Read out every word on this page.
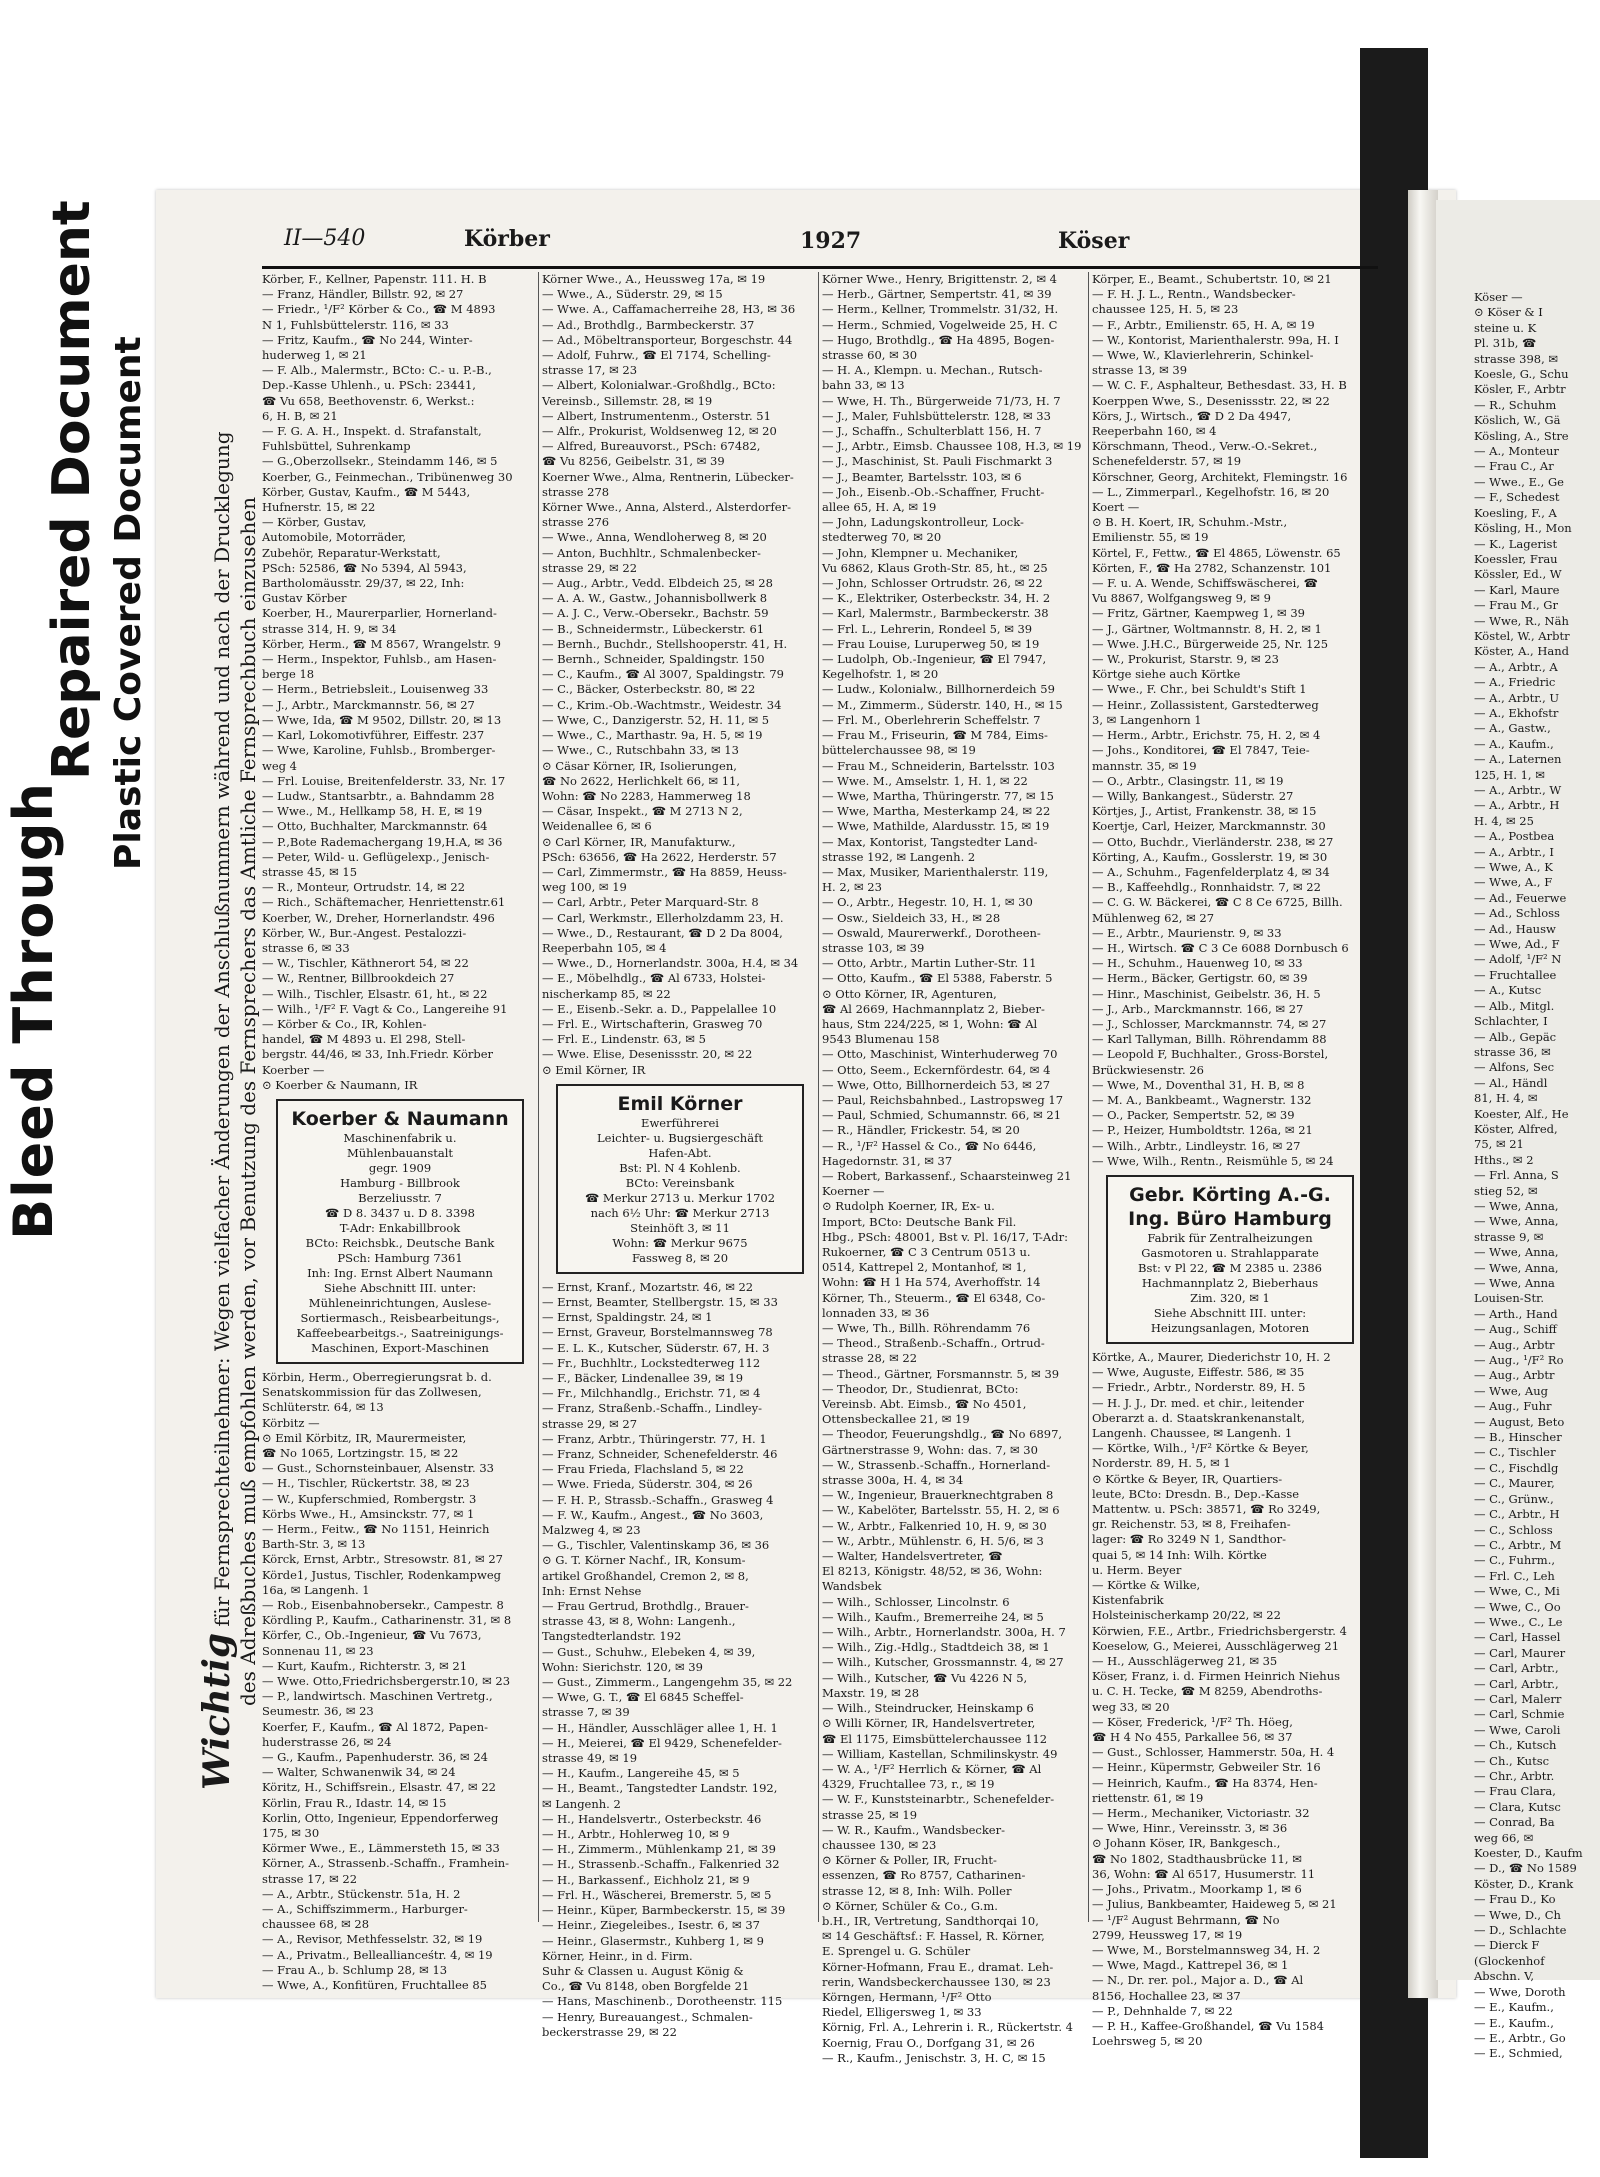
Bleed Through
Repaired Document Plastic Covered Document
II—540	Körber	1927	Köser
Wichtig für Fernsprechteilnehmer: Wegen vielfacher Änderungen der Anschlußnummern während und nach der Drucklegung des Adreßbuches muß empfohlen werden, vor Benutzung des Fernsprechers das Amtliche Fernsprechbuch einzusehen
Körber, F., Kellner, Papenstr. 111. H. B
— Franz, Händler, Billstr. 92, ✉ 27
— Friedr., ¹/F² Körber & Co., ☎ M 4893
N 1, Fuhlsbüttelerstr. 116, ✉ 33
— Fritz, Kaufm., ☎ No 244, Winter-
huderweg 1, ✉ 21
— F. Alb., Malermstr., BCto: C.- u. P.-B.,
Dep.-Kasse Uhlenh., u. PSch: 23441,
☎ Vu 658, Beethovenstr. 6, Werkst.:
6, H. B, ✉ 21
— F. G. A. H., Inspekt. d. Strafanstalt,
Fuhlsbüttel, Suhrenkamp
— G.,Oberzollsekr., Steindamm 146, ✉ 5
Koerber, G., Feinmechan., Tribünenweg 30
Körber, Gustav, Kaufm., ☎ M 5443,
Hufnerstr. 15, ✉ 22
— Körber, Gustav,
Automobile, Motorräder,
Zubehör, Reparatur-Werkstatt,
PSch: 52586, ☎ No 5394, Al 5943,
Bartholomäusstr. 29/37, ✉ 22, Inh:
Gustav Körber
Koerber, H., Maurerparlier, Hornerland-
strasse 314, H. 9, ✉ 34
Körber, Herm., ☎ M 8567, Wrangelstr. 9
— Herm., Inspektor, Fuhlsb., am Hasen-
berge 18
— Herm., Betriebsleit., Louisenweg 33
— J., Arbtr., Marckmannstr. 56, ✉ 27
— Wwe, Ida, ☎ M 9502, Dillstr. 20, ✉ 13
— Karl, Lokomotivführer, Eiffestr. 237
— Wwe, Karoline, Fuhlsb., Bromberger-
weg 4
— Frl. Louise, Breitenfelderstr. 33, Nr. 17
— Ludw., Stantsarbtr., a. Bahndamm 28
— Wwe., M., Hellkamp 58, H. E, ✉ 19
— Otto, Buchhalter, Marckmannstr. 64
— P.,Bote Rademachergang 19,H.A, ✉ 36
— Peter, Wild- u. Geflügelexp., Jenisch-
strasse 45, ✉ 15
— R., Monteur, Ortrudstr. 14, ✉ 22
— Rich., Schäftemacher, Henriettenstr.61
Koerber, W., Dreher, Hornerlandstr. 496
Körber, W., Bur.-Angest. Pestalozzi-
strasse 6, ✉ 33
— W., Tischler, Käthnerort 54, ✉ 22
— W., Rentner, Billbrookdeich 27
— Wilh., Tischler, Elsastr. 61, ht., ✉ 22
— Wilh., ¹/F² F. Vagt & Co., Langereihe 91
— Körber & Co., IR, Kohlen-
handel, ☎ M 4893 u. El 298, Stell-
bergstr. 44/46, ✉ 33, Inh.Friedr. Körber
Koerber —
⊙ Koerber & Naumann, IR
Koerber & Naumann
Maschinenfabrik u.
Mühlenbauanstalt
gegr. 1909
Hamburg - Billbrook
Berzeliusstr. 7
☎ D 8. 3437 u. D 8. 3398
T-Adr: Enkabillbrook
BCto: Reichsbk., Deutsche Bank
PSch: Hamburg 7361
Inh: Ing. Ernst Albert Naumann
Siehe Abschnitt III. unter:
Mühleneinrichtungen, Auslese-
Sortiermasch., Reisbearbeitungs-,
Kaffeebearbeitgs.-, Saatreinigungs-
Maschinen, Export-Maschinen
Körbin, Herm., Oberregierungsrat b. d.
Senatskommission für das Zollwesen,
Schlüterstr. 64, ✉ 13
Körbitz —
⊙ Emil Körbitz, IR, Maurermeister,
☎ No 1065, Lortzingstr. 15, ✉ 22
— Gust., Schornsteinbauer, Alsenstr. 33
— H., Tischler, Rückertstr. 38, ✉ 23
— W., Kupferschmied, Rombergstr. 3
Körbs Wwe., H., Amsinckstr. 77, ✉ 1
— Herm., Feitw., ☎ No 1151, Heinrich
Barth-Str. 3, ✉ 13
Körck, Ernst, Arbtr., Stresowstr. 81, ✉ 27
Körde1, Justus, Tischler, Rodenkampweg
16a, ✉ Langenh. 1
— Rob., Eisenbahnobersekr., Campestr. 8
Kördling P., Kaufm., Catharinenstr. 31, ✉ 8
Körfer, C., Ob.-Ingenieur, ☎ Vu 7673,
Sonnenau 11, ✉ 23
— Kurt, Kaufm., Richterstr. 3, ✉ 21
— Wwe. Otto,Friedrichsbergerstr.10, ✉ 23
— P., landwirtsch. Maschinen Vertretg.,
Seumestr. 36, ✉ 23
Koerfer, F., Kaufm., ☎ Al 1872, Papen-
huderstrasse 26, ✉ 24
— G., Kaufm., Papenhuderstr. 36, ✉ 24
— Walter, Schwanenwik 34, ✉ 24
Köritz, H., Schiffsrein., Elsastr. 47, ✉ 22
Körlin, Frau R., Idastr. 14, ✉ 15
Korlin, Otto, Ingenieur, Eppendorferweg
175, ✉ 30
Körmer Wwe., E., Lämmersteth 15, ✉ 33
Körner, A., Strassenb.-Schaffn., Framhein-
strasse 17, ✉ 22
— A., Arbtr., Stückenstr. 51a, H. 2
— A., Schiffszimmerm., Harburger-
chaussee 68, ✉ 28
— A., Revisor, Methfesselstr. 32, ✉ 19
— A., Privatm., Belleallianceśtr. 4, ✉ 19
— Frau A., b. Schlump 28, ✉ 13
— Wwe, A., Konfitüren, Fruchtallee 85
Körner Wwe., A., Heussweg 17a, ✉ 19
— Wwe., A., Süderstr. 29, ✉ 15
— Wwe. A., Caffamacherreihe 28, H3, ✉ 36
— Ad., Brothdlg., Barmbeckerstr. 37
— Ad., Möbeltransporteur, Borgeschstr. 44
— Adolf, Fuhrw., ☎ El 7174, Schelling-
strasse 17, ✉ 23
— Albert, Kolonialwar.-Großhdlg., BCto:
Vereinsb., Sillemstr. 28, ✉ 19
— Albert, Instrumentenm., Osterstr. 51
— Alfr., Prokurist, Woldsenweg 12, ✉ 20
— Alfred, Bureauvorst., PSch: 67482,
☎ Vu 8256, Geibelstr. 31, ✉ 39
Koerner Wwe., Alma, Rentnerin, Lübecker-
strasse 278
Körner Wwe., Anna, Alsterd., Alsterdorfer-
strasse 276
— Wwe., Anna, Wendloherweg 8, ✉ 20
— Anton, Buchhltr., Schmalenbecker-
strasse 29, ✉ 22
— Aug., Arbtr., Vedd. Elbdeich 25, ✉ 28
— A. A. W., Gastw., Johannisbollwerk 8
— A. J. C., Verw.-Obersekr., Bachstr. 59
— B., Schneidermstr., Lübeckerstr. 61
— Bernh., Buchdr., Stellshooperstr. 41, H.
— Bernh., Schneider, Spaldingstr. 150
— C., Kaufm., ☎ Al 3007, Spaldingstr. 79
— C., Bäcker, Osterbeckstr. 80, ✉ 22
— C., Krim.-Ob.-Wachtmstr., Weidestr. 34
— Wwe, C., Danzigerstr. 52, H. 11, ✉ 5
— Wwe., C., Marthastr. 9a, H. 5, ✉ 19
— Wwe., C., Rutschbahn 33, ✉ 13
⊙ Cäsar Körner, IR, Isolierungen,
☎ No 2622, Herlichkelt 66, ✉ 11,
Wohn: ☎ No 2283, Hammerweg 18
— Cäsar, Inspekt., ☎ M 2713 N 2,
Weidenallee 6, ✉ 6
⊙ Carl Körner, IR, Manufakturw.,
PSch: 63656, ☎ Ha 2622, Herderstr. 57
— Carl, Zimmermstr., ☎ Ha 8859, Heuss-
weg 100, ✉ 19
— Carl, Arbtr., Peter Marquard-Str. 8
— Carl, Werkmstr., Ellerholzdamm 23, H.
— Wwe., D., Restaurant, ☎ D 2 Da 8004,
Reeperbahn 105, ✉ 4
— Wwe., D., Hornerlandstr. 300a, H.4, ✉ 34
— E., Möbelhdlg., ☎ Al 6733, Holstei-
nischerkamp 85, ✉ 22
— E., Eisenb.-Sekr. a. D., Pappelallee 10
— Frl. E., Wirtschafterin, Grasweg 70
— Frl. E., Lindenstr. 63, ✉ 5
— Wwe. Elise, Desenissstr. 20, ✉ 22
⊙ Emil Körner, IR
Emil Körner
Ewerführerei
Leichter- u. Bugsiergeschäft
Hafen-Abt.
Bst: Pl. N 4 Kohlenb.
BCto: Vereinsbank
☎ Merkur 2713 u. Merkur 1702
nach 6½ Uhr: ☎ Merkur 2713
Steinhöft 3, ✉ 11
Wohn: ☎ Merkur 9675
Fassweg 8, ✉ 20
— Ernst, Kranf., Mozartstr. 46, ✉ 22
— Ernst, Beamter, Stellbergstr. 15, ✉ 33
— Ernst, Spaldingstr. 24, ✉ 1
— Ernst, Graveur, Borstelmannsweg 78
— E. L. K., Kutscher, Süderstr. 67, H. 3
— Fr., Buchhltr., Lockstedterweg 112
— F., Bäcker, Lindenallee 39, ✉ 19
— Fr., Milchhandlg., Erichstr. 71, ✉ 4
— Franz, Straßenb.-Schaffn., Lindley-
strasse 29, ✉ 27
— Franz, Arbtr., Thüringerstr. 77, H. 1
— Franz, Schneider, Schenefelderstr. 46
— Frau Frieda, Flachsland 5, ✉ 22
— Wwe. Frieda, Süderstr. 304, ✉ 26
— F. H. P., Strassb.-Schaffn., Grasweg 4
— F. W., Kaufm., Angest., ☎ No 3603,
Malzweg 4, ✉ 23
— G., Tischler, Valentinskamp 36, ✉ 36
⊙ G. T. Körner Nachf., IR, Konsum-
artikel Großhandel, Cremon 2, ✉ 8,
Inh: Ernst Nehse
— Frau Gertrud, Brothdlg., Brauer-
strasse 43, ✉ 8, Wohn: Langenh.,
Tangstedterlandstr. 192
— Gust., Schuhw., Elebeken 4, ✉ 39,
Wohn: Sierichstr. 120, ✉ 39
— Gust., Zimmerm., Langengehm 35, ✉ 22
— Wwe, G. T., ☎ El 6845 Scheffel-
strasse 7, ✉ 39
— H., Händler, Ausschläger allee 1, H. 1
— H., Meierei, ☎ El 9429, Schenefelder-
strasse 49, ✉ 19
— H., Kaufm., Langereihe 45, ✉ 5
— H., Beamt., Tangstedter Landstr. 192,
✉ Langenh. 2
— H., Handelsvertr., Osterbeckstr. 46
— H., Arbtr., Hohlerweg 10, ✉ 9
— H., Zimmerm., Mühlenkamp 21, ✉ 39
— H., Strassenb.-Schaffn., Falkenried 32
— H., Barkassenf., Eichholz 21, ✉ 9
— Frl. H., Wäscherei, Bremerstr. 5, ✉ 5
— Heinr., Küper, Barmbeckerstr. 15, ✉ 39
— Heinr., Ziegeleibes., Isestr. 6, ✉ 37
— Heinr., Glasermstr., Kuhberg 1, ✉ 9
Körner, Heinr., in d. Firm.
Suhr & Classen u. August König &
Co., ☎ Vu 8148, oben Borgfelde 21
— Hans, Maschinenb., Dorotheenstr. 115
— Henry, Bureauangest., Schmalen-
beckerstrasse 29, ✉ 22
Körner Wwe., Henry, Brigittenstr. 2, ✉ 4
— Herb., Gärtner, Sempertstr. 41, ✉ 39
— Herm., Kellner, Trommelstr. 31/32, H.
— Herm., Schmied, Vogelweide 25, H. C
— Hugo, Brothdlg., ☎ Ha 4895, Bogen-
strasse 60, ✉ 30
— H. A., Klempn. u. Mechan., Rutsch-
bahn 33, ✉ 13
— Wwe, H. Th., Bürgerweide 71/73, H. 7
— J., Maler, Fuhlsbüttelerstr. 128, ✉ 33
— J., Schaffn., Schulterblatt 156, H. 7
— J., Arbtr., Eimsb. Chaussee 108, H.3, ✉ 19
— J., Maschinist, St. Pauli Fischmarkt 3
— J., Beamter, Bartelsstr. 103, ✉ 6
— Joh., Eisenb.-Ob.-Schaffner, Frucht-
allee 65, H. A, ✉ 19
— John, Ladungskontrolleur, Lock-
stedterweg 70, ✉ 20
— John, Klempner u. Mechaniker,
Vu 6862, Klaus Groth-Str. 85, ht., ✉ 25
— John, Schlosser Ortrudstr. 26, ✉ 22
— K., Elektriker, Osterbeckstr. 34, H. 2
— Karl, Malermstr., Barmbeckerstr. 38
— Frl. L., Lehrerin, Rondeel 5, ✉ 39
— Frau Louise, Luruperweg 50, ✉ 19
— Ludolph, Ob.-Ingenieur, ☎ El 7947,
Kegelhofstr. 1, ✉ 20
— Ludw., Kolonialw., Billhornerdeich 59
— M., Zimmerm., Süderstr. 140, H., ✉ 15
— Frl. M., Oberlehrerin Scheffelstr. 7
— Frau M., Friseurin, ☎ M 784, Eims-
büttelerchaussee 98, ✉ 19
— Frau M., Schneiderin, Bartelsstr. 103
— Wwe. M., Amselstr. 1, H. 1, ✉ 22
— Wwe, Martha, Thüringerstr. 77, ✉ 15
— Wwe, Martha, Mesterkamp 24, ✉ 22
— Wwe, Mathilde, Alardusstr. 15, ✉ 19
— Max, Kontorist, Tangstedter Land-
strasse 192, ✉ Langenh. 2
— Max, Musiker, Marienthalerstr. 119,
H. 2, ✉ 23
— O., Arbtr., Hegestr. 10, H. 1, ✉ 30
— Osw., Sieldeich 33, H., ✉ 28
— Oswald, Maurerwerkf., Dorotheen-
strasse 103, ✉ 39
— Otto, Arbtr., Martin Luther-Str. 11
— Otto, Kaufm., ☎ El 5388, Faberstr. 5
⊙ Otto Körner, IR, Agenturen,
☎ Al 2669, Hachmannplatz 2, Bieber-
haus, Stm 224/225, ✉ 1, Wohn: ☎ Al
9543 Blumenau 158
— Otto, Maschinist, Winterhuderweg 70
— Otto, Seem., Eckernfördestr. 64, ✉ 4
— Wwe, Otto, Billhornerdeich 53, ✉ 27
— Paul, Reichsbahnbed., Lastropsweg 17
— Paul, Schmied, Schumannstr. 66, ✉ 21
— R., Händler, Frickestr. 54, ✉ 20
— R., ¹/F² Hassel & Co., ☎ No 6446,
Hagedornstr. 31, ✉ 37
— Robert, Barkassenf., Schaarsteinweg 21
Koerner —
⊙ Rudolph Koerner, IR, Ex- u.
Import, BCto: Deutsche Bank Fil.
Hbg., PSch: 48001, Bst v. Pl. 16/17, T-Adr:
Rukoerner, ☎ C 3 Centrum 0513 u.
0514, Kattrepel 2, Montanhof, ✉ 1,
Wohn: ☎ H 1 Ha 574, Averhoffstr. 14
Körner, Th., Steuerm., ☎ El 6348, Co-
lonnaden 33, ✉ 36
— Wwe, Th., Billh. Röhrendamm 76
— Theod., Straßenb.-Schaffn., Ortrud-
strasse 28, ✉ 22
— Theod., Gärtner, Forsmannstr. 5, ✉ 39
— Theodor, Dr., Studienrat, BCto:
Vereinsb. Abt. Eimsb., ☎ No 4501,
Ottensbeckallee 21, ✉ 19
— Theodor, Feuerungshdlg., ☎ No 6897,
Gärtnerstrasse 9, Wohn: das. 7, ✉ 30
— W., Strassenb.-Schaffn., Hornerland-
strasse 300a, H. 4, ✉ 34
— W., Ingenieur, Brauerknechtgraben 8
— W., Kabelöter, Bartelsstr. 55, H. 2, ✉ 6
— W., Arbtr., Falkenried 10, H. 9, ✉ 30
— W., Arbtr., Mühlenstr. 6, H. 5/6, ✉ 3
— Walter, Handelsvertreter, ☎
El 8213, Königstr. 48/52, ✉ 36, Wohn:
Wandsbek
— Wilh., Schlosser, Lincolnstr. 6
— Wilh., Kaufm., Bremerreihe 24, ✉ 5
— Wilh., Arbtr., Hornerlandstr. 300a, H. 7
— Wilh., Zig.-Hdlg., Stadtdeich 38, ✉ 1
— Wilh., Kutscher, Grossmannstr. 4, ✉ 27
— Wilh., Kutscher, ☎ Vu 4226 N 5,
Maxstr. 19, ✉ 28
— Wilh., Steindrucker, Heinskamp 6
⊙ Willi Körner, IR, Handelsvertreter,
☎ El 1175, Eimsbüttelerchaussee 112
— William, Kastellan, Schmilinskystr. 49
— W. A., ¹/F² Herrlich & Körner, ☎ Al
4329, Fruchtallee 73, r., ✉ 19
— W. F., Kunststeinarbtr., Schenefelder-
strasse 25, ✉ 19
— W. R., Kaufm., Wandsbecker-
chaussee 130, ✉ 23
⊙ Körner & Poller, IR, Frucht-
essenzen, ☎ Ro 8757, Catharinen-
strasse 12, ✉ 8, Inh: Wilh. Poller
⊙ Körner, Schüler & Co., G.m.
b.H., IR, Vertretung, Sandthorqai 10,
✉ 14 Geschäftsf.: F. Hassel, R. Körner,
E. Sprengel u. G. Schüler
Körner-Hofmann, Frau E., dramat. Leh-
rerin, Wandsbeckerchaussee 130, ✉ 23
Körngen, Hermann, ¹/F² Otto
Riedel, Elligersweg 1, ✉ 33
Körnig, Frl. A., Lehrerin i. R., Rückertstr. 4
Koernig, Frau O., Dorfgang 31, ✉ 26
— R., Kaufm., Jenischstr. 3, H. C, ✉ 15
Körper, E., Beamt., Schubertstr. 10, ✉ 21
— F. H. J. L., Rentn., Wandsbecker-
chaussee 125, H. 5, ✉ 23
— F., Arbtr., Emilienstr. 65, H. A, ✉ 19
— W., Kontorist, Marienthalerstr. 99a, H. I
— Wwe, W., Klavierlehrerin, Schinkel-
strasse 13, ✉ 39
— W. C. F., Asphalteur, Bethesdast. 33, H. B
Koerppen Wwe, S., Desenissstr. 22, ✉ 22
Körs, J., Wirtsch., ☎ D 2 Da 4947,
Reeperbahn 160, ✉ 4
Körschmann, Theod., Verw.-O.-Sekret.,
Schenefelderstr. 57, ✉ 19
Körschner, Georg, Architekt, Flemingstr. 16
— L., Zimmerparl., Kegelhofstr. 16, ✉ 20
Koert —
⊙ B. H. Koert, IR, Schuhm.-Mstr.,
Emilienstr. 55, ✉ 19
Körtel, F., Fettw., ☎ El 4865, Löwenstr. 65
Körten, F., ☎ Ha 2782, Schanzenstr. 101
— F. u. A. Wende, Schiffswäscherei, ☎
Vu 8867, Wolfgangsweg 9, ✉ 9
— Fritz, Gärtner, Kaempweg 1, ✉ 39
— J., Gärtner, Woltmannstr. 8, H. 2, ✉ 1
— Wwe. J.H.C., Bürgerweide 25, Nr. 125
— W., Prokurist, Starstr. 9, ✉ 23
Körtge siehe auch Körtke
— Wwe., F. Chr., bei Schuldt's Stift 1
— Heinr., Zollassistent, Garstedterweg
3, ✉ Langenhorn 1
— Herm., Arbtr., Erichstr. 75, H. 2, ✉ 4
— Johs., Konditorei, ☎ El 7847, Teie-
mannstr. 35, ✉ 19
— O., Arbtr., Clasingstr. 11, ✉ 19
— Willy, Bankangest., Süderstr. 27
Körtjes, J., Artist, Frankenstr. 38, ✉ 15
Koertje, Carl, Heizer, Marckmannstr. 30
— Otto, Buchdr., Vierländerstr. 238, ✉ 27
Körting, A., Kaufm., Gosslerstr. 19, ✉ 30
— A., Schuhm., Fagenfelderplatz 4, ✉ 34
— B., Kaffeehdlg., Ronnhaidstr. 7, ✉ 22
— C. G. W. Bäckerei, ☎ C 8 Ce 6725, Billh.
Mühlenweg 62, ✉ 27
— E., Arbtr., Maurienstr. 9, ✉ 33
— H., Wirtsch. ☎ C 3 Ce 6088 Dornbusch 6
— H., Schuhm., Hauenweg 10, ✉ 33
— Herm., Bäcker, Gertigstr. 60, ✉ 39
— Hinr., Maschinist, Geibelstr. 36, H. 5
— J., Arb., Marckmannstr. 166, ✉ 27
— J., Schlosser, Marckmannstr. 74, ✉ 27
— Karl Tallyman, Billh. Röhrendamm 88
— Leopold F, Buchhalter., Gross-Borstel,
Brückwiesenstr. 26
— Wwe, M., Doventhal 31, H. B, ✉ 8
— M. A., Bankbeamt., Wagnerstr. 132
— O., Packer, Sempertstr. 52, ✉ 39
— P., Heizer, Humboldtstr. 126a, ✉ 21
— Wilh., Arbtr., Lindleystr. 16, ✉ 27
— Wwe, Wilh., Rentn., Reismühle 5, ✉ 24
Gebr. Körting A.-G.
Ing. Büro Hamburg
Fabrik für Zentralheizungen
Gasmotoren u. Strahlapparate
Bst: v Pl 22, ☎ M 2385 u. 2386
Hachmannplatz 2, Bieberhaus
Zim. 320, ✉ 1
Siehe Abschnitt III. unter:
Heizungsanlagen, Motoren
Körtke, A., Maurer, Diederichstr 10, H. 2
— Wwe, Auguste, Eiffestr. 586, ✉ 35
— Friedr., Arbtr., Norderstr. 89, H. 5
— H. J. J., Dr. med. et chir., leitender
Oberarzt a. d. Staatskrankenanstalt,
Langenh. Chaussee, ✉ Langenh. 1
— Körtke, Wilh., ¹/F² Körtke & Beyer,
Norderstr. 89, H. 5, ✉ 1
⊙ Körtke & Beyer, IR, Quartiers-
leute, BCto: Dresdn. B., Dep.-Kasse
Mattentw. u. PSch: 38571, ☎ Ro 3249,
gr. Reichenstr. 53, ✉ 8, Freihafen-
lager: ☎ Ro 3249 N 1, Sandthor-
quai 5, ✉ 14 Inh: Wilh. Körtke
u. Herm. Beyer
— Körtke & Wilke,
Kistenfabrik
Holsteinischerkamp 20/22, ✉ 22
Körwien, F.E., Artbr., Friedrichsbergerstr. 4
Koeselow, G., Meierei, Ausschlägerweg 21
— H., Ausschlägerweg 21, ✉ 35
Köser, Franz, i. d. Firmen Heinrich Niehus
u. C. H. Tecke, ☎ M 8259, Abendroths-
weg 33, ✉ 20
— Köser, Frederick, ¹/F² Th. Höeg,
☎ H 4 No 455, Parkallee 56, ✉ 37
— Gust., Schlosser, Hammerstr. 50a, H. 4
— Heinr., Küpermstr, Gebweiler Str. 16
— Heinrich, Kaufm., ☎ Ha 8374, Hen-
riettenstr. 61, ✉ 19
— Herm., Mechaniker, Victoriastr. 32
— Wwe, Hinr., Vereinsstr. 3, ✉ 36
⊙ Johann Köser, IR, Bankgesch.,
☎ No 1802, Stadthausbrücke 11, ✉
36, Wohn: ☎ Al 6517, Husumerstr. 11
— Johs., Privatm., Moorkamp 1, ✉ 6
— Julius, Bankbeamter, Haideweg 5, ✉ 21
— ¹/F² August Behrmann, ☎ No
2799, Heussweg 17, ✉ 19
— Wwe, M., Borstelmannsweg 34, H. 2
— Wwe, Magd., Kattrepel 36, ✉ 1
— N., Dr. rer. pol., Major a. D., ☎ Al
8156, Hochallee 23, ✉ 37
— P., Dehnhalde 7, ✉ 22
— P. H., Kaffee-Großhandel, ☎ Vu 1584
Loehrsweg 5, ✉ 20
Köser —
⊙ Köser & I
steine u. K
Pl. 31b, ☎
strasse 398, ✉
Koesle, G., Schu
Kösler, F., Arbtr
— R., Schuhm
Köslich, W., Gä
Kösling, A., Stre
— A., Monteur
— Frau C., Ar
— Wwe., E., Ge
— F., Schedest
Koesling, F., A
Kösling, H., Mon
— K., Lagerist
Koessler, Frau
Kössler, Ed., W
— Karl, Maure
— Frau M., Gr
— Wwe, R., Näh
Köstel, W., Arbtr
Köster, A., Hand
— A., Arbtr., A
— A., Friedric
— A., Arbtr., U
— A., Ekhofstr
— A., Gastw.,
— A., Kaufm.,
— A., Laternen
125, H. 1, ✉
— A., Arbtr., W
— A., Arbtr., H
H. 4, ✉ 25
— A., Postbea
— A., Arbtr., I
— Wwe, A., K
— Wwe, A., F
— Ad., Feuerwe
— Ad., Schloss
— Ad., Hausw
— Wwe, Ad., F
— Adolf, ¹/F² N
— Fruchtallee
— A., Kutsc
— Alb., Mitgl.
Schlachter, I
— Alb., Gepäc
strasse 36, ✉
— Alfons, Sec
— Al., Händl
81, H. 4, ✉
Koester, Alf., He
Köster, Alfred,
75, ✉ 21
Hths., ✉ 2
— Frl. Anna, S
stieg 52, ✉
— Wwe, Anna,
— Wwe, Anna,
strasse 9, ✉
— Wwe, Anna,
— Wwe, Anna,
— Wwe, Anna
Louisen-Str.
— Arth., Hand
— Aug., Schiff
— Aug., Arbtr
— Aug., ¹/F² Ro
— Aug., Arbtr
— Wwe, Aug
— Aug., Fuhr
— August, Beto
— B., Hinscher
— C., Tischler
— C., Fischdlg
— C., Maurer,
— C., Grünw.,
— C., Arbtr., H
— C., Schloss
— C., Arbtr., M
— C., Fuhrm.,
— Frl. C., Leh
— Wwe, C., Mi
— Wwe, C., Oo
— Wwe., C., Le
— Carl, Hassel
— Carl, Maurer
— Carl, Arbtr.,
— Carl, Arbtr.,
— Carl, Malerr
— Carl, Schmie
— Wwe, Caroli
— Ch., Kutsch
— Ch., Kutsc
— Chr., Arbtr.
— Frau Clara,
— Clara, Kutsc
— Conrad, Ba
weg 66, ✉
Koester, D., Kaufm
— D., ☎ No 1589
Köster, D., Krank
— Frau D., Ko
— Wwe, D., Ch
— D., Schlachte
— Dierck F
(Glockenhof
Abschn. V,
— Wwe, Doroth
— E., Kaufm.,
— E., Kaufm.,
— E., Arbtr., Go
— E., Schmied,
